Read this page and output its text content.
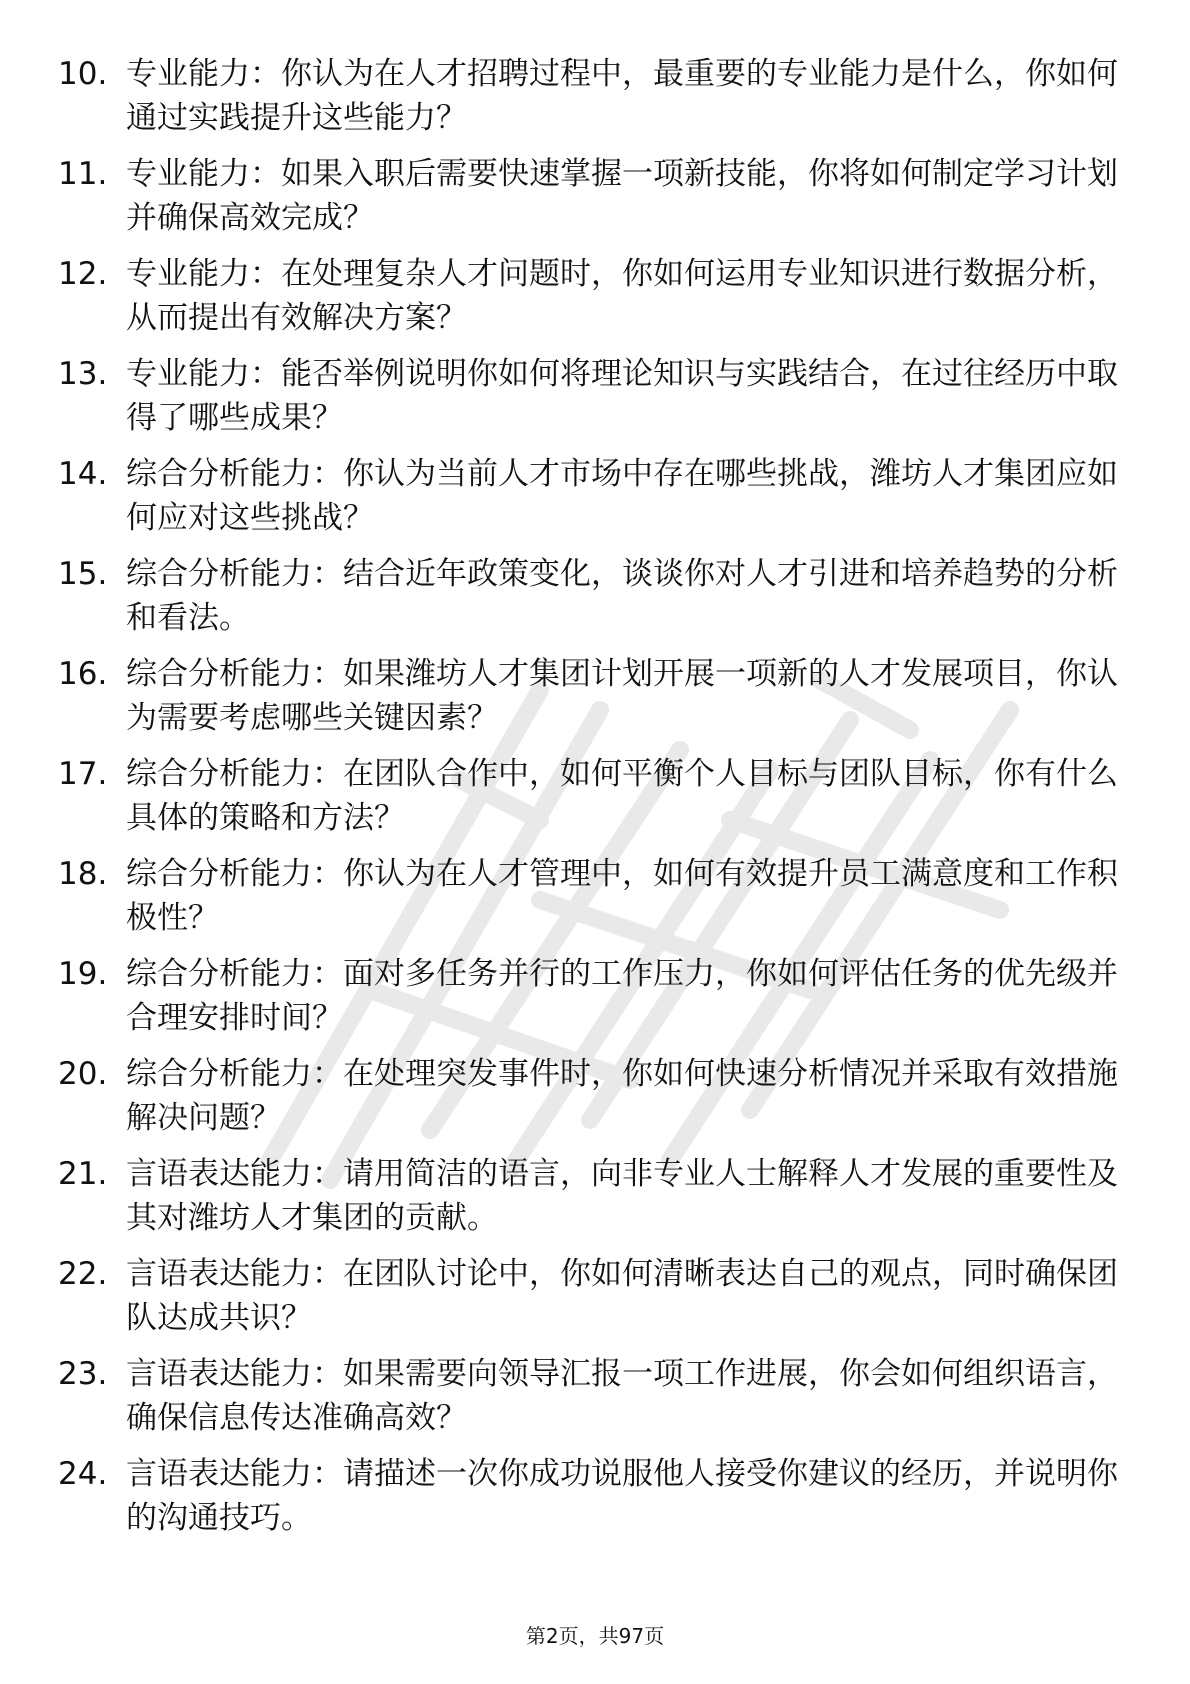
10. 专业能力：你认为在人才招聘过程中，最重要的专业能力是什么，你如何通过实践提升这些能力？
11. 专业能力：如果入职后需要快速掌握一项新技能，你将如何制定学习计划并确保高效完成？
12. 专业能力：在处理复杂人才问题时，你如何运用专业知识进行数据分析，从而提出有效解决方案？
13. 专业能力：能否举例说明你如何将理论知识与实践结合，在过往经历中取得了哪些成果？
14. 综合分析能力：你认为当前人才市场中存在哪些挑战，潍坊人才集团应如何应对这些挑战？
15. 综合分析能力：结合近年政策变化，谈谈你对人才引进和培养趋势的分析和看法。
16. 综合分析能力：如果潍坊人才集团计划开展一项新的人才发展项目，你认为需要考虑哪些关键因素？
17. 综合分析能力：在团队合作中，如何平衡个人目标与团队目标，你有什么具体的策略和方法？
18. 综合分析能力：你认为在人才管理中，如何有效提升员工满意度和工作积极性？
19. 综合分析能力：面对多任务并行的工作压力，你如何评估任务的优先级并合理安排时间？
20. 综合分析能力：在处理突发事件时，你如何快速分析情况并采取有效措施解决问题？
21. 言语表达能力：请用简洁的语言，向非专业人士解释人才发展的重要性及其对潍坊人才集团的贡献。
22. 言语表达能力：在团队讨论中，你如何清晰表达自己的观点，同时确保团队达成共识？
23. 言语表达能力：如果需要向领导汇报一项工作进展，你会如何组织语言，确保信息传达准确高效？
24. 言语表达能力：请描述一次你成功说服他人接受你建议的经历，并说明你的沟通技巧。
第2页，共97页
